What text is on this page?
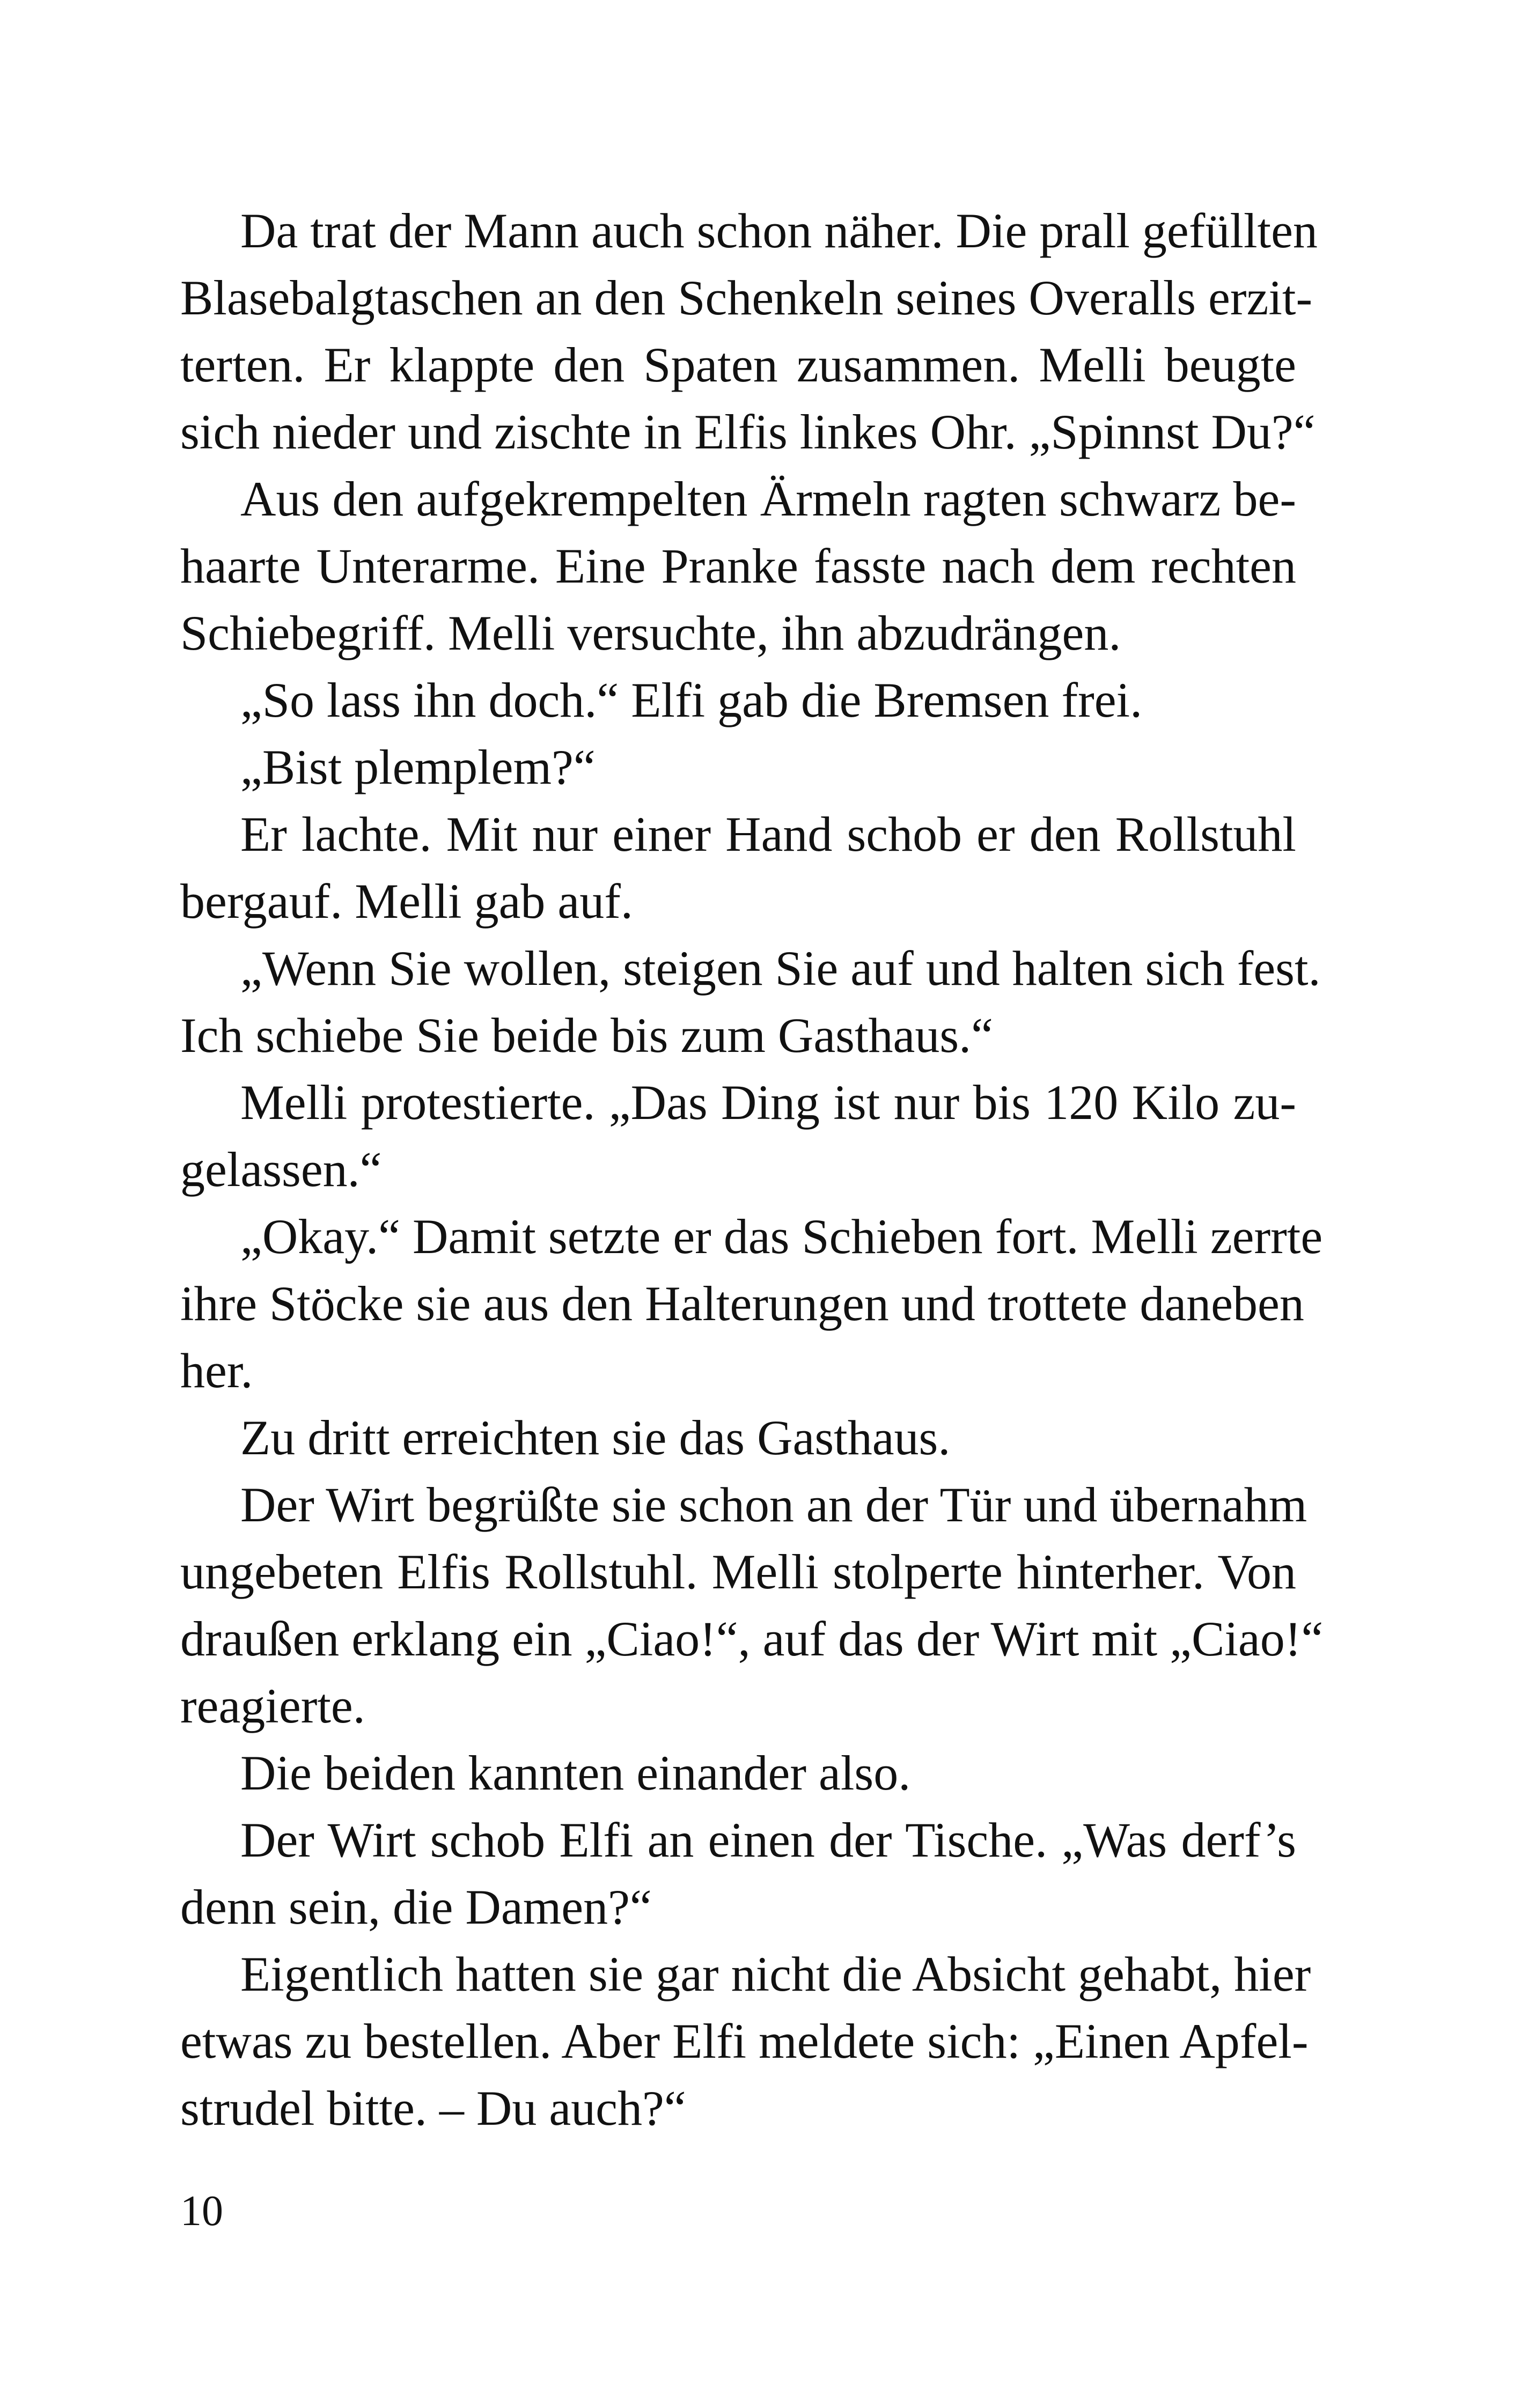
Da trat der Mann auch schon näher. Die prall gefüllten
Blasebalgtaschen an den Schenkeln seines Overalls erzit-
terten. Er klappte den Spaten zusammen. Melli beugte
sich nieder und zischte in Elfis linkes Ohr. „Spinnst Du?“
Aus den aufgekrempelten Ärmeln ragten schwarz be-
haarte Unterarme. Eine Pranke fasste nach dem rechten
Schiebegriff. Melli versuchte, ihn abzudrängen.
„So lass ihn doch.“ Elfi gab die Bremsen frei.
„Bist plemplem?“
Er lachte. Mit nur einer Hand schob er den Rollstuhl
bergauf. Melli gab auf.
„Wenn Sie wollen, steigen Sie auf und halten sich fest.
Ich schiebe Sie beide bis zum Gasthaus.“
Melli protestierte. „Das Ding ist nur bis 120 Kilo zu-
gelassen.“
„Okay.“ Damit setzte er das Schieben fort. Melli zerrte
ihre Stöcke sie aus den Halterungen und trottete daneben
her.
Zu dritt erreichten sie das Gasthaus.
Der Wirt begrüßte sie schon an der Tür und übernahm
ungebeten Elfis Rollstuhl. Melli stolperte hinterher. Von
draußen erklang ein „Ciao!“, auf das der Wirt mit „Ciao!“
reagierte.
Die beiden kannten einander also.
Der Wirt schob Elfi an einen der Tische. „Was derf’s
denn sein, die Damen?“
Eigentlich hatten sie gar nicht die Absicht gehabt, hier
etwas zu bestellen. Aber Elfi meldete sich: „Einen Apfel-
strudel bitte. – Du auch?“
10
